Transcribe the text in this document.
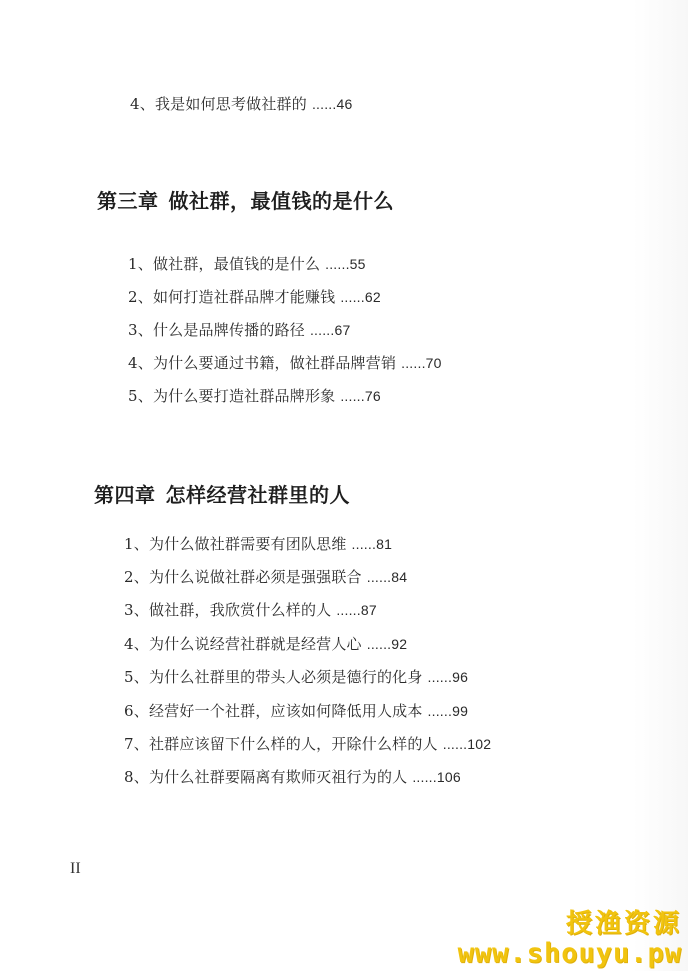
4、我是如何思考做社群的 ......46
第三章 做社群，最值钱的是什么
1、做社群，最值钱的是什么 ......55
2、如何打造社群品牌才能赚钱 ......62
3、什么是品牌传播的路径 ......67
4、为什么要通过书籍，做社群品牌营销 ......70
5、为什么要打造社群品牌形象 ......76
第四章 怎样经营社群里的人
1、为什么做社群需要有团队思维 ......81
2、为什么说做社群必须是强强联合 ......84
3、做社群，我欣赏什么样的人 ......87
4、为什么说经营社群就是经营人心 ......92
5、为什么社群里的带头人必须是德行的化身 ......96
6、经营好一个社群，应该如何降低用人成本 ......99
7、社群应该留下什么样的人，开除什么样的人 ......102
8、为什么社群要隔离有欺师灭祖行为的人 ......106
II
授渔资源
www.shouyu.pw
